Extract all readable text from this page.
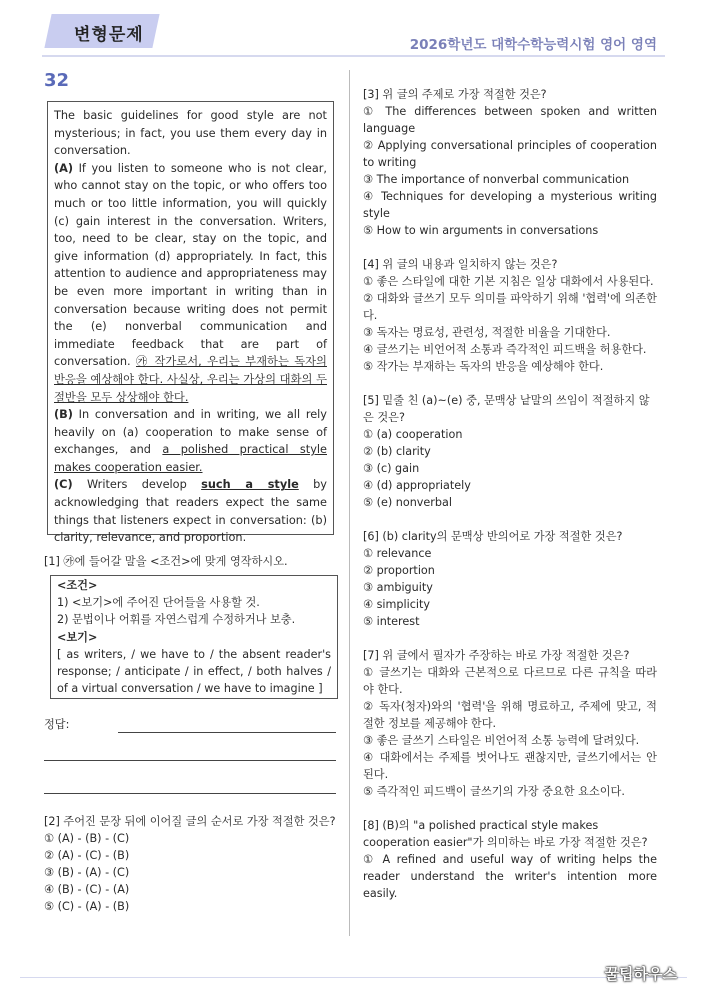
변형문제	2026학년도 대학수학능력시험 영어 영역
32

The basic guidelines for good style are not mysterious; in fact, you use them every day in conversation.

(A) If you listen to someone who is not clear, who cannot stay on the topic, or who offers too much or too little information, you will quickly (c) gain interest in the conversation. Writers, too, need to be clear, stay on the topic, and give information (d) appropriately. In fact, this attention to audience and appropriateness may be even more important in writing than in conversation because writing does not permit the (e) nonverbal communication and immediate feedback that are part of conversation. ㉮ 작가로서, 우리는 부재하는 독자의 반응을 예상해야 한다. 사실상, 우리는 가상의 대화의 두 절반을 모두 상상해야 한다.

(B) In conversation and in writing, we all rely heavily on (a) cooperation to make sense of exchanges, and a polished practical style makes cooperation easier.

(C) Writers develop such a style by acknowledging that readers expect the same things that listeners expect in conversation: (b) clarity, relevance, and proportion.

[1] ㉮에 들어갈 말을 <조건>에 맞게 영작하시오.

<조건>

1) <보기>에 주어진 단어들을 사용할 것.

2) 문법이나 어휘를 자연스럽게 수정하거나 보충.

<보기>

[ as writers, / we have to / the absent reader's response; / anticipate / in effect, / both halves / of a virtual conversation / we have to imagine ]

정답:

[2] 주어진 문장 뒤에 이어질 글의 순서로 가장 적절한 것은?

① (A) - (B) - (C)

② (A) - (C) - (B)

③ (B) - (A) - (C)

④ (B) - (C) - (A)

⑤ (C) - (A) - (B)

[3] 위 글의 주제로 가장 적절한 것은?

① The differences between spoken and written language

② Applying conversational principles of cooperation to writing

③ The importance of nonverbal communication

④ Techniques for developing a mysterious writing style

⑤ How to win arguments in conversations

[4] 위 글의 내용과 일치하지 않는 것은?

① 좋은 스타일에 대한 기본 지침은 일상 대화에서 사용된다.

② 대화와 글쓰기 모두 의미를 파악하기 위해 '협력'에 의존한다.

③ 독자는 명료성, 관련성, 적절한 비율을 기대한다.

④ 글쓰기는 비언어적 소통과 즉각적인 피드백을 허용한다.

⑤ 작가는 부재하는 독자의 반응을 예상해야 한다.

[5] 밑줄 친 (a)~(e) 중, 문맥상 낱말의 쓰임이 적절하지 않은 것은?

① (a) cooperation

② (b) clarity

③ (c) gain

④ (d) appropriately

⑤ (e) nonverbal

[6] (b) clarity의 문맥상 반의어로 가장 적절한 것은?

① relevance

② proportion

③ ambiguity

④ simplicity

⑤ interest

[7] 위 글에서 필자가 주장하는 바로 가장 적절한 것은?

① 글쓰기는 대화와 근본적으로 다르므로 다른 규칙을 따라야 한다.

② 독자(청자)와의 '협력'을 위해 명료하고, 주제에 맞고, 적절한 정보를 제공해야 한다.

③ 좋은 글쓰기 스타일은 비언어적 소통 능력에 달려있다.

④ 대화에서는 주제를 벗어나도 괜찮지만, 글쓰기에서는 안 된다.

⑤ 즉각적인 피드백이 글쓰기의 가장 중요한 요소이다.

[8] (B)의 "a polished practical style makes cooperation easier"가 의미하는 바로 가장 적절한 것은?

① A refined and useful way of writing helps the reader understand the writer's intention more easily.

꿀팁하우스
